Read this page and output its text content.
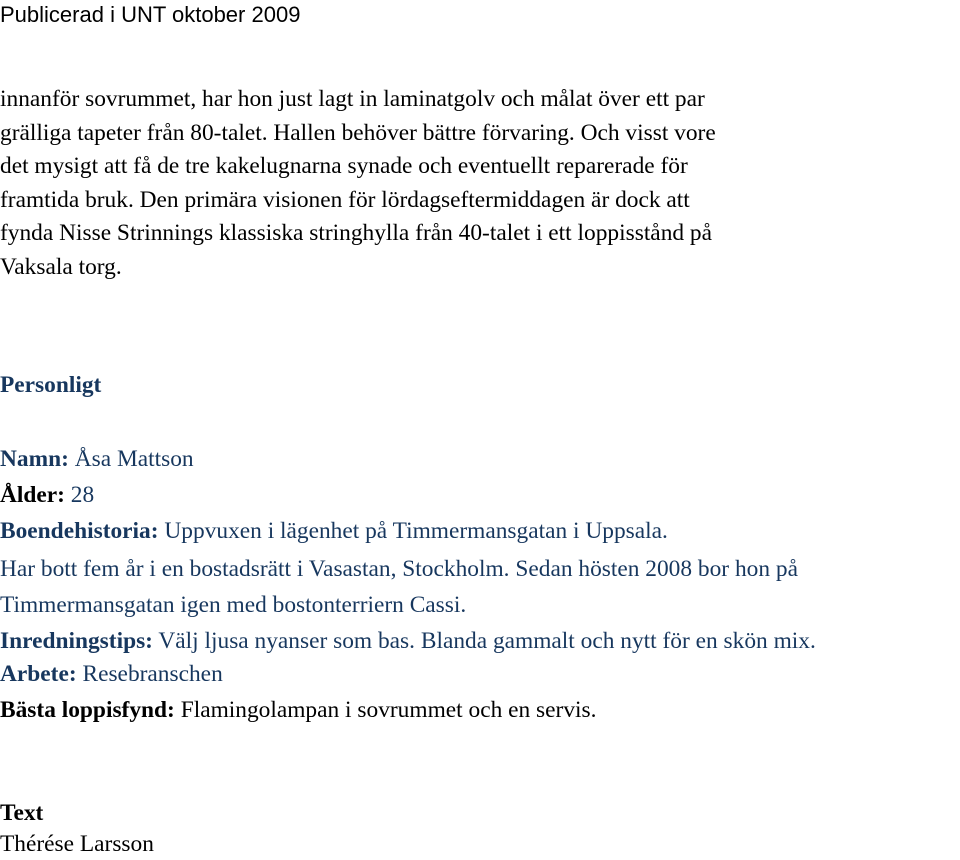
Publicerad i UNT oktober 2009

innanför sovrummet, har hon just lagt in laminatgolv och målat över ett par

grälliga tapeter från 80-talet. Hallen behöver bättre förvaring. Och visst vore

det mysigt att få de tre kakelugnarna synade och eventuellt reparerade för

framtida bruk. Den primära visionen för lördagseftermiddagen är dock att

fynda Nisse Strinnings klassiska stringhylla från 40-talet i ett loppisstånd på

Vaksala torg.

Personligt
Namn: Åsa Mattson
Ålder: 28
Boendehistoria: Uppvuxen i lägenhet på Timmermansgatan i Uppsala.
Har bott fem år i en bostadsrätt i Vasastan, Stockholm. Sedan hösten 2008 bor hon på
Timmermansgatan igen med bostonterriern Cassi.
Inredningstips: Välj ljusa nyanser som bas. Blanda gammalt och nytt för en skön mix.
Arbete: Resebranschen
Bästa loppisfynd: Flamingolampan i sovrummet och en servis.
Text
Thérése Larsson
